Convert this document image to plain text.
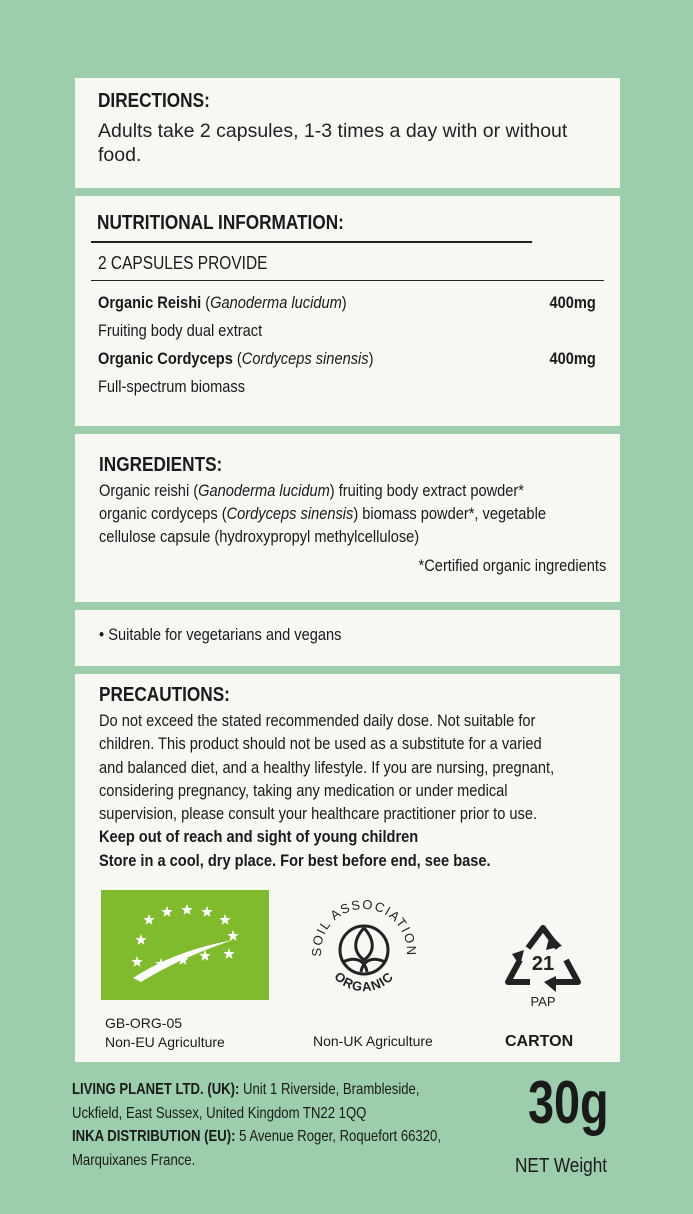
DIRECTIONS:
Adults take 2 capsules, 1-3 times a day with or without food.
NUTRITIONAL INFORMATION:
2 CAPSULES PROVIDE
Organic Reishi (Ganoderma lucidum)	400mg
Fruiting body dual extract
Organic Cordyceps (Cordyceps sinensis)	400mg
Full-spectrum biomass
INGREDIENTS:
Organic reishi (Ganoderma lucidum) fruiting body extract powder*
organic cordyceps (Cordyceps sinensis) biomass powder*, vegetable
cellulose capsule (hydroxypropyl methylcellulose)
*Certified organic ingredients
• Suitable for vegetarians and vegans
PRECAUTIONS:
Do not exceed the stated recommended daily dose. Not suitable for
children. This product should not be used as a substitute for a varied
and balanced diet, and a healthy lifestyle. If you are nursing, pregnant,
considering pregnancy, taking any medication or under medical
supervision, please consult your healthcare practitioner prior to use.
Keep out of reach and sight of young children
Store in a cool, dry place. For best before end, see base.
GB-ORG-05
Non-EU Agriculture
SOIL ASSOCIATION
ORGANIC
Non-UK Agriculture
21
PAP
CARTON
LIVING PLANET LTD. (UK): Unit 1 Riverside, Brambleside,
Uckfield, East Sussex, United Kingdom TN22 1QQ
INKA DISTRIBUTION (EU): 5 Avenue Roger, Roquefort 66320,
Marquixanes France.
30g
NET Weight
